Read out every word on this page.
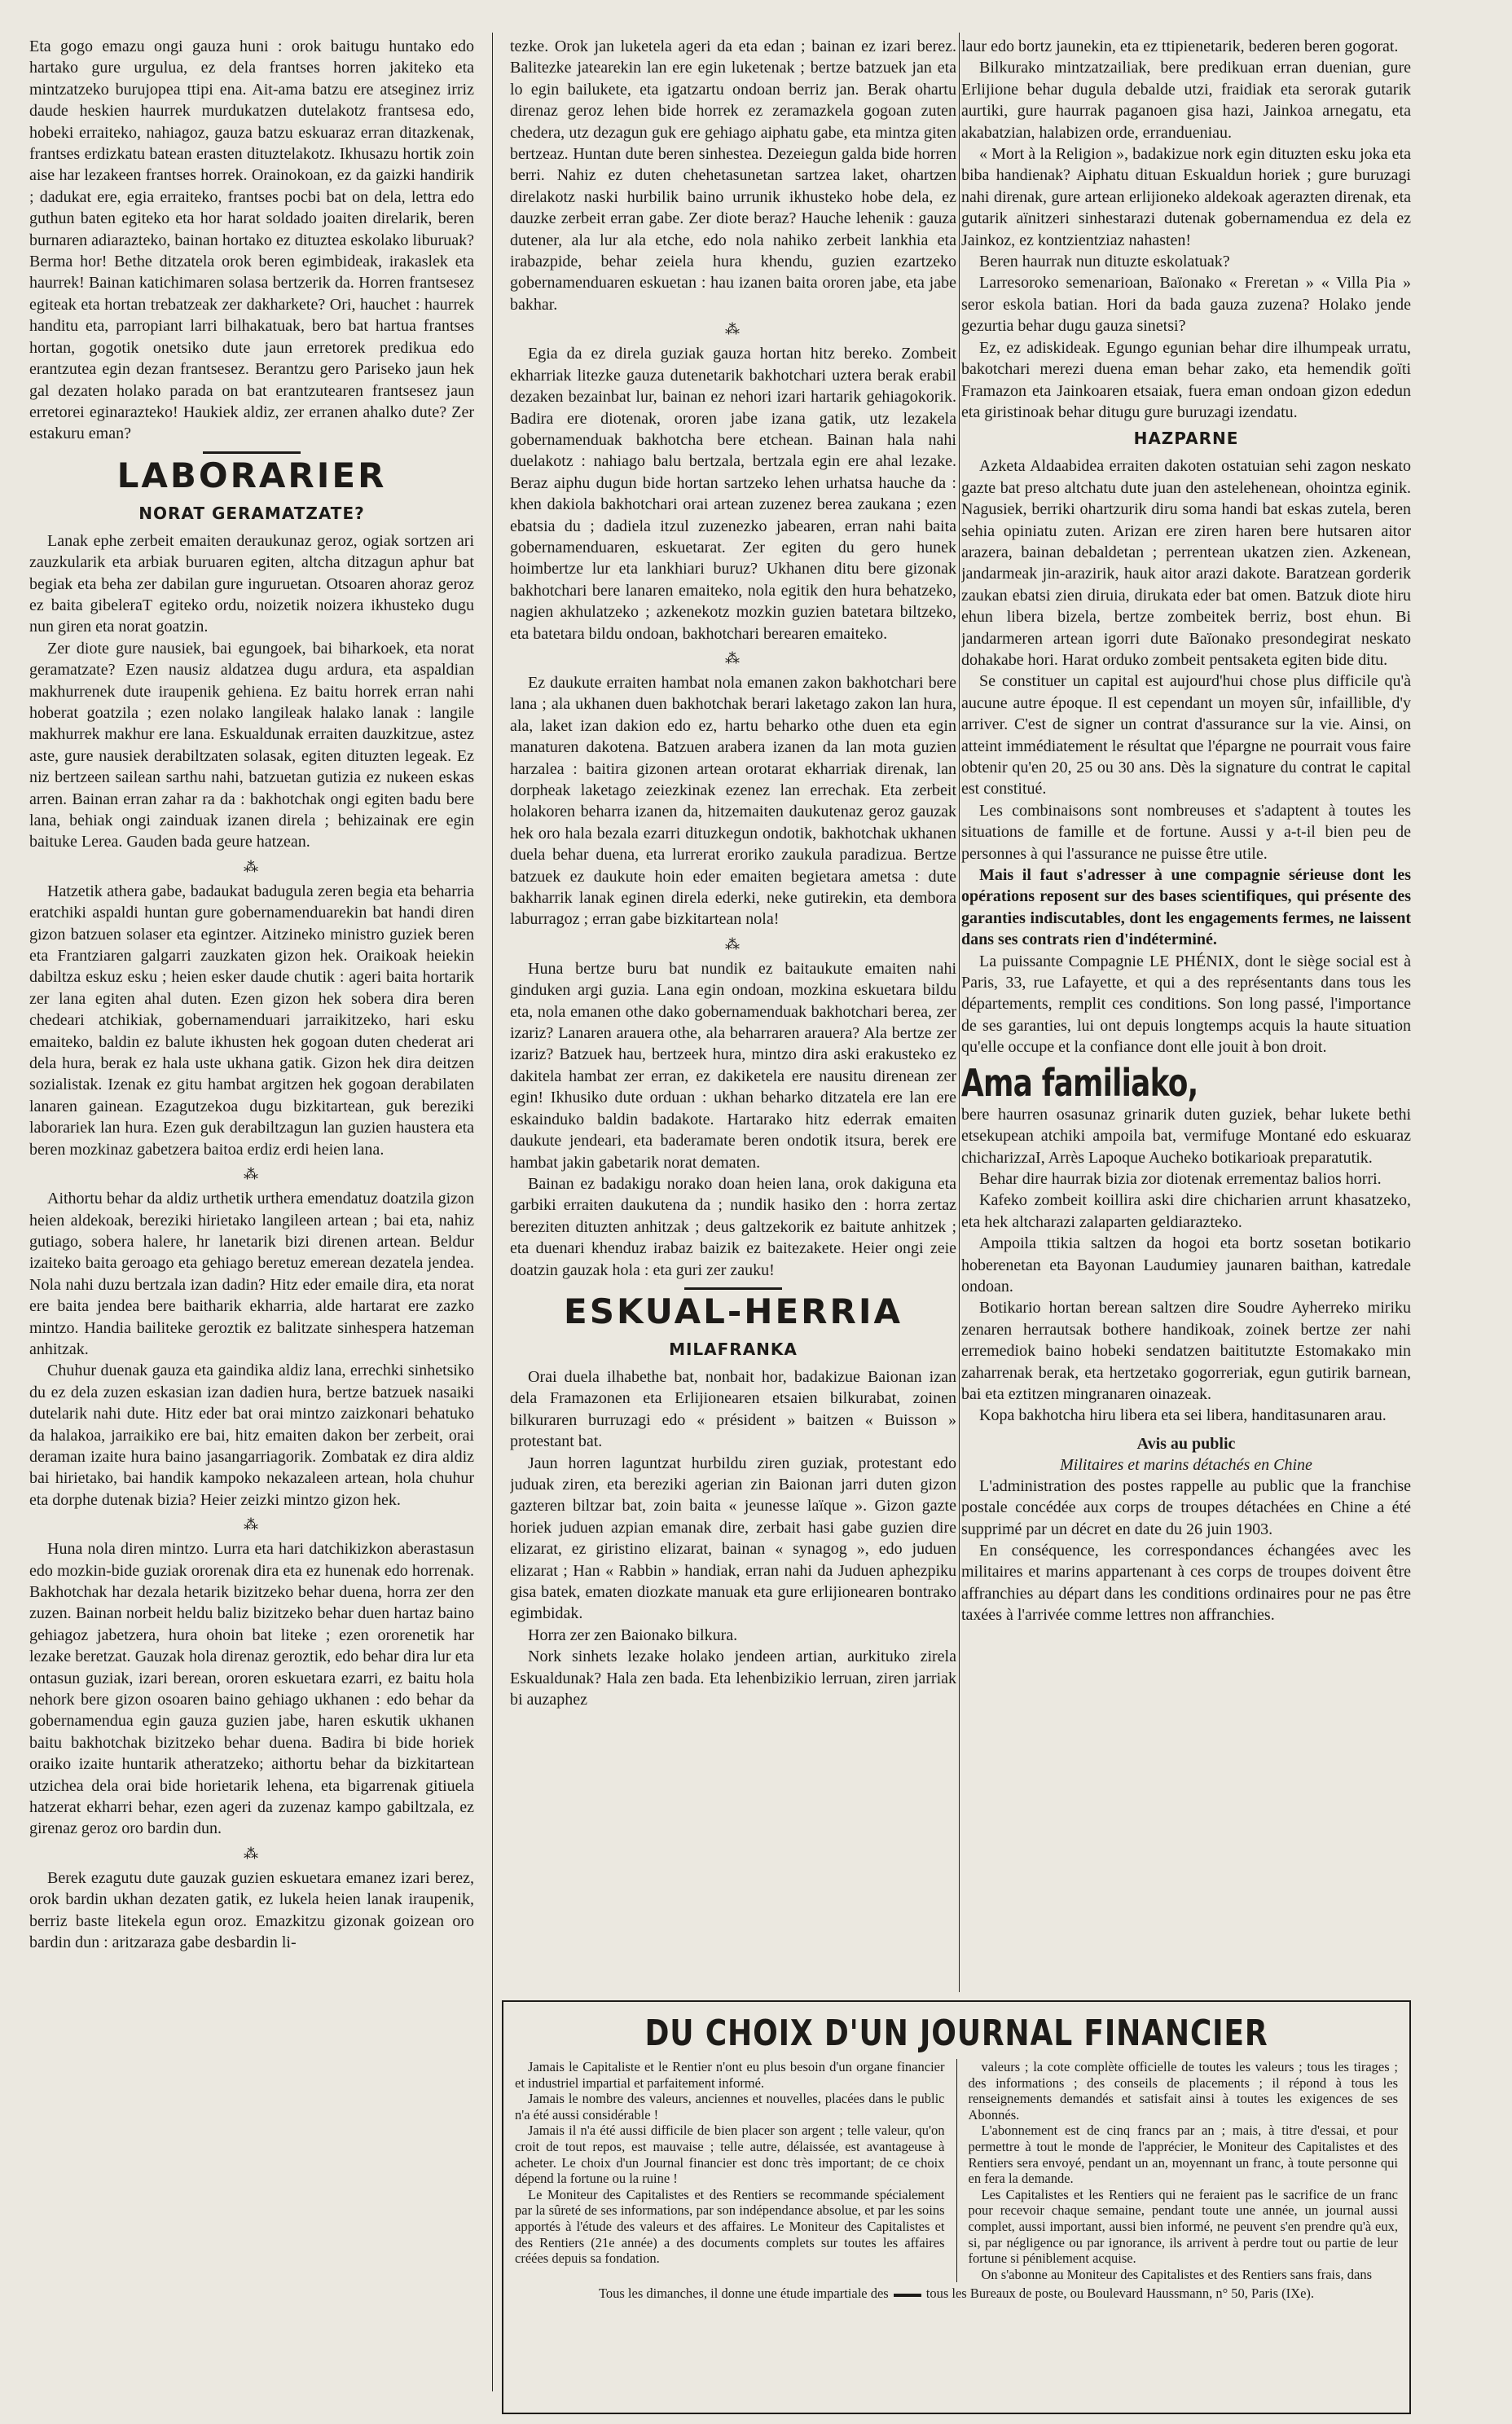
Eta gogo emazu ongi gauza huni : orok baitugu huntako edo hartako gure urgulua, ez dela frantses horren jakiteko eta mintzatzeko burujopea ttipi ena. Ait-ama batzu ere atseginez irriz daude heskien haurrek murdukatzen dutelakotz frantsesa edo, hobeki erraiteko, nahiagoz, gauza batzu eskuaraz erran ditazkenak, frantses erdizkatu batean erasten dituztelakotz. Ikhusazu hortik zoin aise har lezakeen frantses horrek. Orainokoan, ez da gaizki handirik ; dadukat ere, egia erraiteko, frantses pocbi bat on dela, lettra edo guthun baten egiteko eta hor harat soldado joaiten direlarik, beren burnaren adiarazteko, bainan hortako ez dituztea eskolako liburuak? Berma hor! Bethe ditzatela orok beren egimbideak, irakaslek eta haurrek! Bainan katichimaren solasa bertzerik da. Horren frantsesez egiteak eta hortan trebatzeak zer dakharkete? Ori, hauchet : haurrek handitu eta, parropiant larri bilhakatuak, bero bat hartua frantses hortan, gogotik onetsiko dute jaun erretorek predikua edo erantzutea egin dezan frantsesez. Berantzu gero Pariseko jaun hek gal dezaten holako parada on bat erantzutearen frantsesez jaun erretorei eginarazteko! Haukiek aldiz, zer erranen ahalko dute? Zer estakuru eman?

LABORARIER
NORAT GERAMATZATE?

Lanak ephe zerbeit emaiten deraukunaz geroz, ogiak sortzen ari zauzkularik eta arbiak buruaren egiten, altcha ditzagun aphur bat begiak eta beha zer dabilan gure inguruetan. Otsoaren ahoraz geroz ez baita gibeleraT egiteko ordu, noizetik noizera ikhusteko dugu nun giren eta norat goatzin.

Zer diote gure nausiek, bai egungoek, bai biharkoek, eta norat geramatzate? Ezen nausiz aldatzea dugu ardura, eta aspaldian makhurrenek dute iraupenik gehiena. Ez baitu horrek erran nahi hoberat goatzila ; ezen nolako langileak halako lanak : langile makhurrek makhur ere lana. Eskualdunak erraiten dauzkitzue, astez aste, gure nausiek derabiltzaten solasak, egiten dituzten legeak. Ez niz bertzeen sailean sarthu nahi, batzuetan gutizia ez nukeen eskas arren. Bainan erran zahar ra da : bakhotchak ongi egiten badu bere lana, behiak ongi zainduak izanen direla ; behizainak ere egin baituke Lerea. Gauden bada geure hatzean.

⁂

Hatzetik athera gabe, badaukat badugula zeren begia eta beharria eratchiki aspaldi huntan gure gobernamenduarekin bat handi diren gizon batzuen solaser eta egintzer. Aitzineko ministro guziek beren eta Frantziaren galgarri zauzkaten gizon hek. Oraikoak heiekin dabiltza eskuz esku ; heien esker daude chutik : ageri baita hortarik zer lana egiten ahal duten. Ezen gizon hek sobera dira beren chedeari atchikiak, gobernamenduari jarraikitzeko, hari esku emaiteko, baldin ez balute ikhusten hek gogoan duten chederat ari dela hura, berak ez hala uste ukhana gatik. Gizon hek dira deitzen sozialistak. Izenak ez gitu hambat argitzen hek gogoan derabilaten lanaren gainean. Ezagutzekoa dugu bizkitartean, guk bereziki laborariek lan hura. Ezen guk derabiltzagun lan guzien haustera eta beren mozkinaz gabetzera baitoa erdiz erdi heien lana.

⁂

Aithortu behar da aldiz urthetik urthera emendatuz doatzila gizon heien aldekoak, bereziki hirietako langileen artean ; bai eta, nahiz gutiago, sobera halere, hr lanetarik bizi direnen artean. Beldur izaiteko baita geroago eta gehiago beretuz emerean dezatela jendea. Nola nahi duzu bertzala izan dadin? Hitz eder emaile dira, eta norat ere baita jendea bere baitharik ekharria, alde hartarat ere zazko mintzo. Handia bailiteke geroztik ez balitzate sinhespera hatzeman anhitzak.

Chuhur duenak gauza eta gaindika aldiz lana, errechki sinhetsiko du ez dela zuzen eskasian izan dadien hura, bertze batzuek nasaiki dutelarik nahi dute. Hitz eder bat orai mintzo zaizkonari behatuko da halakoa, jarraikiko ere bai, hitz emaiten dakon ber zerbeit, orai deraman izaite hura baino jasangarriagorik. Zombatak ez dira aldiz bai hirietako, bai handik kampoko nekazaleen artean, hola chuhur eta dorphe dutenak bizia? Heier zeizki mintzo gizon hek.

⁂

Huna nola diren mintzo. Lurra eta hari datchikizkon aberastasun edo mozkin-bide guziak ororenak dira eta ez hunenak edo horrenak. Bakhotchak har dezala hetarik bizitzeko behar duena, horra zer den zuzen. Bainan norbeit heldu baliz bizitzeko behar duen hartaz baino gehiagoz jabetzera, hura ohoin bat liteke ; ezen ororenetik har lezake beretzat. Gauzak hola direnaz geroztik, edo behar dira lur eta ontasun guziak, izari berean, ororen eskuetara ezarri, ez baitu hola nehork bere gizon osoaren baino gehiago ukhanen : edo behar da gobernamendua egin gauza guzien jabe, haren eskutik ukhanen baitu bakhotchak bizitzeko behar duena. Badira bi bide horiek oraiko izaite huntarik atheratzeko; aithortu behar da bizkitartean utzichea dela orai bide horietarik lehena, eta bigarrenak gitiuela hatzerat ekharri behar, ezen ageri da zuzenaz kampo gabiltzala, ez girenaz geroz oro bardin dun.

⁂

Berek ezagutu dute gauzak guzien eskuetara emanez izari berez, orok bardin ukhan dezaten gatik, ez lukela heien lanak iraupenik, berriz baste litekela egun oroz. Emazkitzu gizonak goizean oro bardin dun : aritzaraza gabe desbardin li-

tezke. Orok jan luketela ageri da eta edan ; bainan ez izari berez. Balitezke jatearekin lan ere egin luketenak ; bertze batzuek jan eta lo egin bailukete, eta igatzartu ondoan berriz jan. Berak ohartu direnaz geroz lehen bide horrek ez zeramazkela gogoan zuten chedera, utz dezagun guk ere gehiago aiphatu gabe, eta mintza giten bertzeaz. Huntan dute beren sinhestea. Dezeiegun galda bide horren berri. Nahiz ez duten chehetasunetan sartzea laket, ohartzen direlakotz naski hurbilik baino urrunik ikhusteko hobe dela, ez dauzke zerbeit erran gabe. Zer diote beraz? Hauche lehenik : gauza dutener, ala lur ala etche, edo nola nahiko zerbeit lankhia eta irabazpide, behar zeiela hura khendu, guzien ezartzeko gobernamenduaren eskuetan : hau izanen baita ororen jabe, eta jabe bakhar.

⁂

Egia da ez direla guziak gauza hortan hitz bereko. Zombeit ekharriak litezke gauza dutenetarik bakhotchari uztera berak erabil dezaken bezainbat lur, bainan ez nehori izari hartarik gehiagokorik. Badira ere diotenak, ororen jabe izana gatik, utz lezakela gobernamenduak bakhotcha bere etchean. Bainan hala nahi duelakotz : nahiago balu bertzala, bertzala egin ere ahal lezake. Beraz aiphu dugun bide hortan sartzeko lehen urhatsa hauche da : khen dakiola bakhotchari orai artean zuzenez berea zaukana ; ezen ebatsia du ; dadiela itzul zuzenezko jabearen, erran nahi baita gobernamenduaren, eskuetarat. Zer egiten du gero hunek hoimbertze lur eta lankhiari buruz? Ukhanen ditu bere gizonak bakhotchari bere lanaren emaiteko, nola egitik den hura behatzeko, nagien akhulatzeko ; azkenekotz mozkin guzien batetara biltzeko, eta batetara bildu ondoan, bakhotchari berearen emaiteko.

⁂

Ez daukute erraiten hambat nola emanen zakon bakhotchari bere lana ; ala ukhanen duen bakhotchak berari laketago zakon lan hura, ala, laket izan dakion edo ez, hartu beharko othe duen eta egin manaturen dakotena. Batzuen arabera izanen da lan mota guzien harzalea : baitira gizonen artean orotarat ekharriak direnak, lan dorpheak laketago zeiezkinak ezenez lan errechak. Eta zerbeit holakoren beharra izanen da, hitzemaiten daukutenaz geroz gauzak hek oro hala bezala ezarri dituzkegun ondotik, bakhotchak ukhanen duela behar duena, eta lurrerat eroriko zaukula paradizua. Bertze batzuek ez daukute hoin eder emaiten begietara ametsa : dute bakharrik lanak eginen direla ederki, neke gutirekin, eta dembora laburragoz ; erran gabe bizkitartean nola!

⁂

Huna bertze buru bat nundik ez baitaukute emaiten nahi ginduken argi guzia. Lana egin ondoan, mozkina eskuetara bildu eta, nola emanen othe dako gobernamenduak bakhotchari berea, zer izariz? Lanaren arauera othe, ala beharraren arauera? Ala bertze zer izariz? Batzuek hau, bertzeek hura, mintzo dira aski erakusteko ez dakitela hambat zer erran, ez dakiketela ere nausitu direnean zer egin! Ikhusiko dute orduan : ukhan beharko ditzatela ere lan ere eskainduko baldin badakote. Hartarako hitz ederrak emaiten daukute jendeari, eta baderamate beren ondotik itsura, berek ere hambat jakin gabetarik norat dematen.

Bainan ez badakigu norako doan heien lana, orok dakiguna eta garbiki erraiten daukutena da ; nundik hasiko den : horra zertaz bereziten dituzten anhitzak ; deus galtzekorik ez baitute anhitzek ; eta duenari khenduz irabaz baizik ez baitezakete. Heier ongi zeie doatzin gauzak hola : eta guri zer zauku!

ESKUAL-HERRIA
MILAFRANKA

Orai duela ilhabethe bat, nonbait hor, badakizue Baionan izan dela Framazonen eta Erlijionearen etsaien bilkurabat, zoinen bilkuraren burruzagi edo « président » baitzen « Buisson » protestant bat.

Jaun horren laguntzat hurbildu ziren guziak, protestant edo juduak ziren, eta bereziki agerian zin Baionan jarri duten gizon gazteren biltzar bat, zoin baita « jeunesse laïque ». Gizon gazte horiek juduen azpian emanak dire, zerbait hasi gabe guzien dire elizarat, ez giristino elizarat, bainan « synagog », edo juduen elizarat ; Han « Rabbin » handiak, erran nahi da Juduen aphezpiku gisa batek, ematen diozkate manuak eta gure erlijionearen bontrako egimbidak.

Horra zer zen Baionako bilkura.

Nork sinhets lezake holako jendeen artian, aurkituko zirela Eskualdunak? Hala zen bada. Eta lehenbizikio lerruan, ziren jarriak bi auzaphez

laur edo bortz jaunekin, eta ez ttipienetarik, bederen beren gogorat.

Bilkurako mintzatzailiak, bere predikuan erran duenian, gure Erlijione behar dugula debalde utzi, fraidiak eta serorak gutarik aurtiki, gure haurrak paganoen gisa hazi, Jainkoa arnegatu, eta akabatzian, halabizen orde, errandueniau.

« Mort à la Religion », badakizue nork egin dituzten esku joka eta biba handienak? Aiphatu dituan Eskualdun horiek ; gure buruzagi nahi direnak, gure artean erlijioneko aldekoak agerazten direnak, eta gutarik aïnitzeri sinhestarazi dutenak gobernamendua ez dela ez Jainkoz, ez kontzientziaz nahasten!

Beren haurrak nun dituzte eskolatuak?

Larresoroko semenarioan, Baïonako « Freretan » « Villa Pia » seror eskola batian. Hori da bada gauza zuzena? Holako jende gezurtia behar dugu gauza sinetsi?

Ez, ez adiskideak. Egungo egunian behar dire ilhumpeak urratu, bakotchari merezi duena eman behar zako, eta hemendik goïti Framazon eta Jainkoaren etsaiak, fuera eman ondoan gizon ededun eta giristinoak behar ditugu gure buruzagi izendatu.

HAZPARNE

Azketa Aldaabidea erraiten dakoten ostatuian sehi zagon neskato gazte bat preso altchatu dute juan den astelehenean, ohointza eginik. Nagusiek, berriki ohartzurik diru soma handi bat eskas zutela, beren sehia opiniatu zuten. Arizan ere ziren haren bere hutsaren aitor arazera, bainan debaldetan ; perrentean ukatzen zien. Azkenean, jandarmeak jin-arazirik, hauk aitor arazi dakote. Baratzean gorderik zaukan ebatsi zien diruia, dirukata eder bat omen. Batzuk diote hiru ehun libera bizela, bertze zombeitek berriz, bost ehun. Bi jandarmeren artean igorri dute Baïonako presondegirat neskato dohakabe hori. Harat orduko zombeit pentsaketa egiten bide ditu.

Se constituer un capital est aujourd'hui chose plus difficile qu'à aucune autre époque. Il est cependant un moyen sûr, infaillible, d'y arriver. C'est de signer un contrat d'assurance sur la vie. Ainsi, on atteint immédiatement le résultat que l'épargne ne pourrait vous faire obtenir qu'en 20, 25 ou 30 ans. Dès la signature du contrat le capital est constitué.

Les combinaisons sont nombreuses et s'adaptent à toutes les situations de famille et de fortune. Aussi y a-t-il bien peu de personnes à qui l'assurance ne puisse être utile.

Mais il faut s'adresser à une compagnie sérieuse dont les opérations reposent sur des bases scientifiques, qui présente des garanties indiscutables, dont les engagements fermes, ne laissent dans ses contrats rien d'indéterminé.

La puissante Compagnie LE PHÉNIX, dont le siège social est à Paris, 33, rue Lafayette, et qui a des représentants dans tous les départements, remplit ces conditions. Son long passé, l'importance de ses garanties, lui ont depuis longtemps acquis la haute situation qu'elle occupe et la confiance dont elle jouit à bon droit.

Ama familiako,

bere haurren osasunaz grinarik duten guziek, behar lukete bethi etsekupean atchiki ampoila bat, vermifuge Montané edo eskuaraz chicharizzaI, Arrès Lapoque Aucheko botikarioak preparatutik.

Behar dire haurrak bizia zor diotenak errementaz balios horri.

Kafeko zombeit koillira aski dire chicharien arrunt khasatzeko, eta hek altcharazi zalaparten geldiarazteko.

Ampoila ttikia saltzen da hogoi eta bortz sosetan botikario hoberenetan eta Bayonan Laudumiey jaunaren baithan, katredale ondoan.

Botikario hortan berean saltzen dire Soudre Ayherreko miriku zenaren herrautsak bothere handikoak, zoinek bertze zer nahi erremediok baino hobeki sendatzen baititutzte Estomakako min zaharrenak berak, eta hertzetako gogorreriak, egun gutirik barnean, bai eta eztitzen mingranaren oinazeak.

Kopa bakhotcha hiru libera eta sei libera, handitasunaren arau.

Avis au public
Militaires et marins détachés en Chine

L'administration des postes rappelle au public que la franchise postale concédée aux corps de troupes détachées en Chine a été supprimé par un décret en date du 26 juin 1903.

En conséquence, les correspondances échangées avec les militaires et marins appartenant à ces corps de troupes doivent être affranchies au départ dans les conditions ordinaires pour ne pas être taxées à l'arrivée comme lettres non affranchies.

DU CHOIX D'UN JOURNAL FINANCIER

Jamais le Capitaliste et le Rentier n'ont eu plus besoin d'un organe financier et industriel impartial et parfaitement informé.

Jamais le nombre des valeurs, anciennes et nouvelles, placées dans le public n'a été aussi considérable !

Jamais il n'a été aussi difficile de bien placer son argent ; telle valeur, qu'on croit de tout repos, est mauvaise ; telle autre, délaissée, est avantageuse à acheter. Le choix d'un Journal financier est donc très important; de ce choix dépend la fortune ou la ruine !

Le Moniteur des Capitalistes et des Rentiers se recommande spécialement par la sûreté de ses informations, par son indépendance absolue, et par les soins apportés à l'étude des valeurs et des affaires. Le Moniteur des Capitalistes et des Rentiers (21e année) a des documents complets sur toutes les affaires créées depuis sa fondation.

valeurs ; la cote complète officielle de toutes les valeurs ; tous les tirages ; des informations ; des conseils de placements ; il répond à tous les renseignements demandés et satisfait ainsi à toutes les exigences de ses Abonnés.

L'abonnement est de cinq francs par an ; mais, à titre d'essai, et pour permettre à tout le monde de l'apprécier, le Moniteur des Capitalistes et des Rentiers sera envoyé, pendant un an, moyennant un franc, à toute personne qui en fera la demande.

Les Capitalistes et les Rentiers qui ne feraient pas le sacrifice de un franc pour recevoir chaque semaine, pendant toute une année, un journal aussi complet, aussi important, aussi bien informé, ne peuvent s'en prendre qu'à eux, si, par négligence ou par ignorance, ils arrivent à perdre tout ou partie de leur fortune si péniblement acquise.

On s'abonne au Moniteur des Capitalistes et des Rentiers sans frais, dans

Tous les dimanches, il donne une étude impartiale des	tous les Bureaux de poste, ou Boulevard Haussmann, n° 50, Paris (IXe).
